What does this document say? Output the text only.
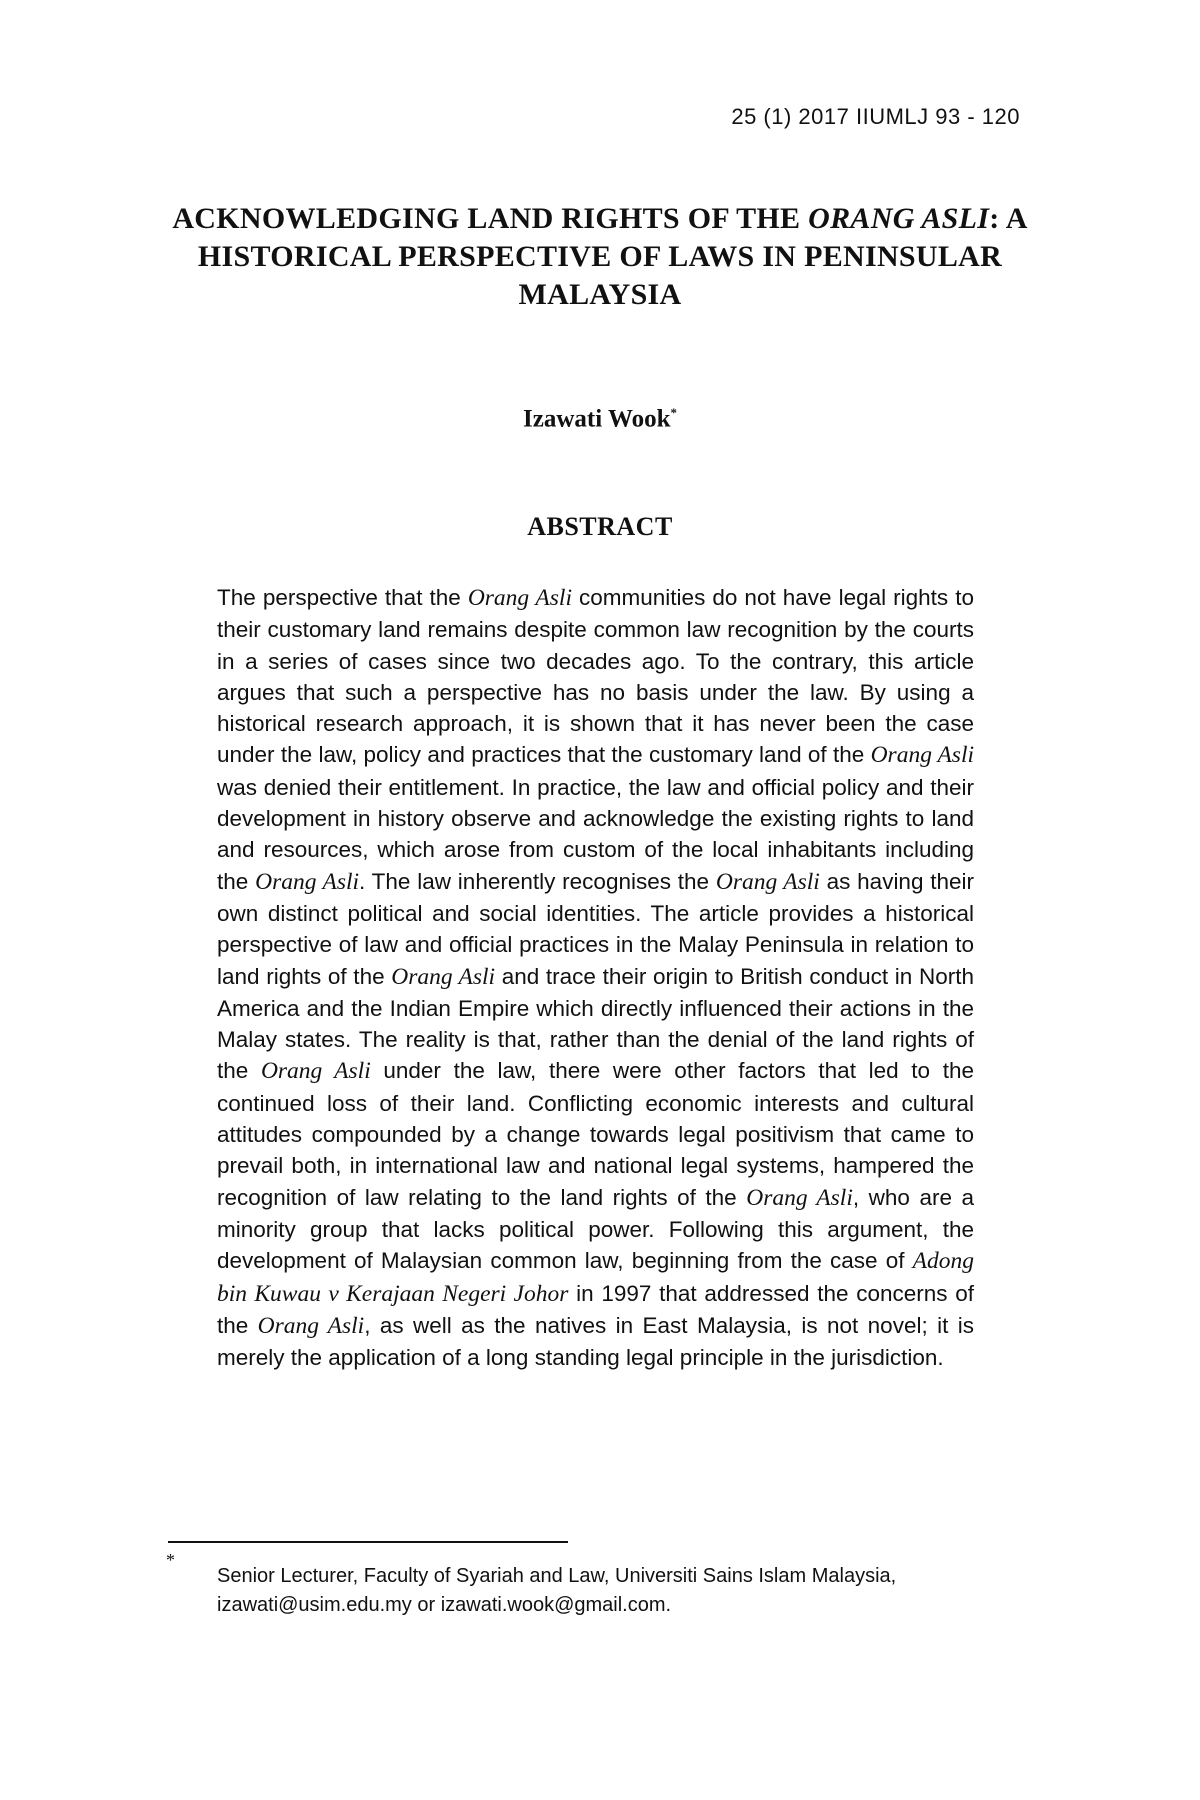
25 (1) 2017 IIUMLJ 93 - 120
ACKNOWLEDGING LAND RIGHTS OF THE ORANG ASLI: A HISTORICAL PERSPECTIVE OF LAWS IN PENINSULAR MALAYSIA
Izawati Wook*
ABSTRACT

The perspective that the Orang Asli communities do not have legal rights to their customary land remains despite common law recognition by the courts in a series of cases since two decades ago. To the contrary, this article argues that such a perspective has no basis under the law. By using a historical research approach, it is shown that it has never been the case under the law, policy and practices that the customary land of the Orang Asli was denied their entitlement. In practice, the law and official policy and their development in history observe and acknowledge the existing rights to land and resources, which arose from custom of the local inhabitants including the Orang Asli. The law inherently recognises the Orang Asli as having their own distinct political and social identities. The article provides a historical perspective of law and official practices in the Malay Peninsula in relation to land rights of the Orang Asli and trace their origin to British conduct in North America and the Indian Empire which directly influenced their actions in the Malay states. The reality is that, rather than the denial of the land rights of the Orang Asli under the law, there were other factors that led to the continued loss of their land. Conflicting economic interests and cultural attitudes compounded by a change towards legal positivism that came to prevail both, in international law and national legal systems, hampered the recognition of law relating to the land rights of the Orang Asli, who are a minority group that lacks political power. Following this argument, the development of Malaysian common law, beginning from the case of Adong bin Kuwau v Kerajaan Negeri Johor in 1997 that addressed the concerns of the Orang Asli, as well as the natives in East Malaysia, is not novel; it is merely the application of a long standing legal principle in the jurisdiction.

*

Senior Lecturer, Faculty of Syariah and Law, Universiti Sains Islam Malaysia, izawati@usim.edu.my or izawati.wook@gmail.com.
